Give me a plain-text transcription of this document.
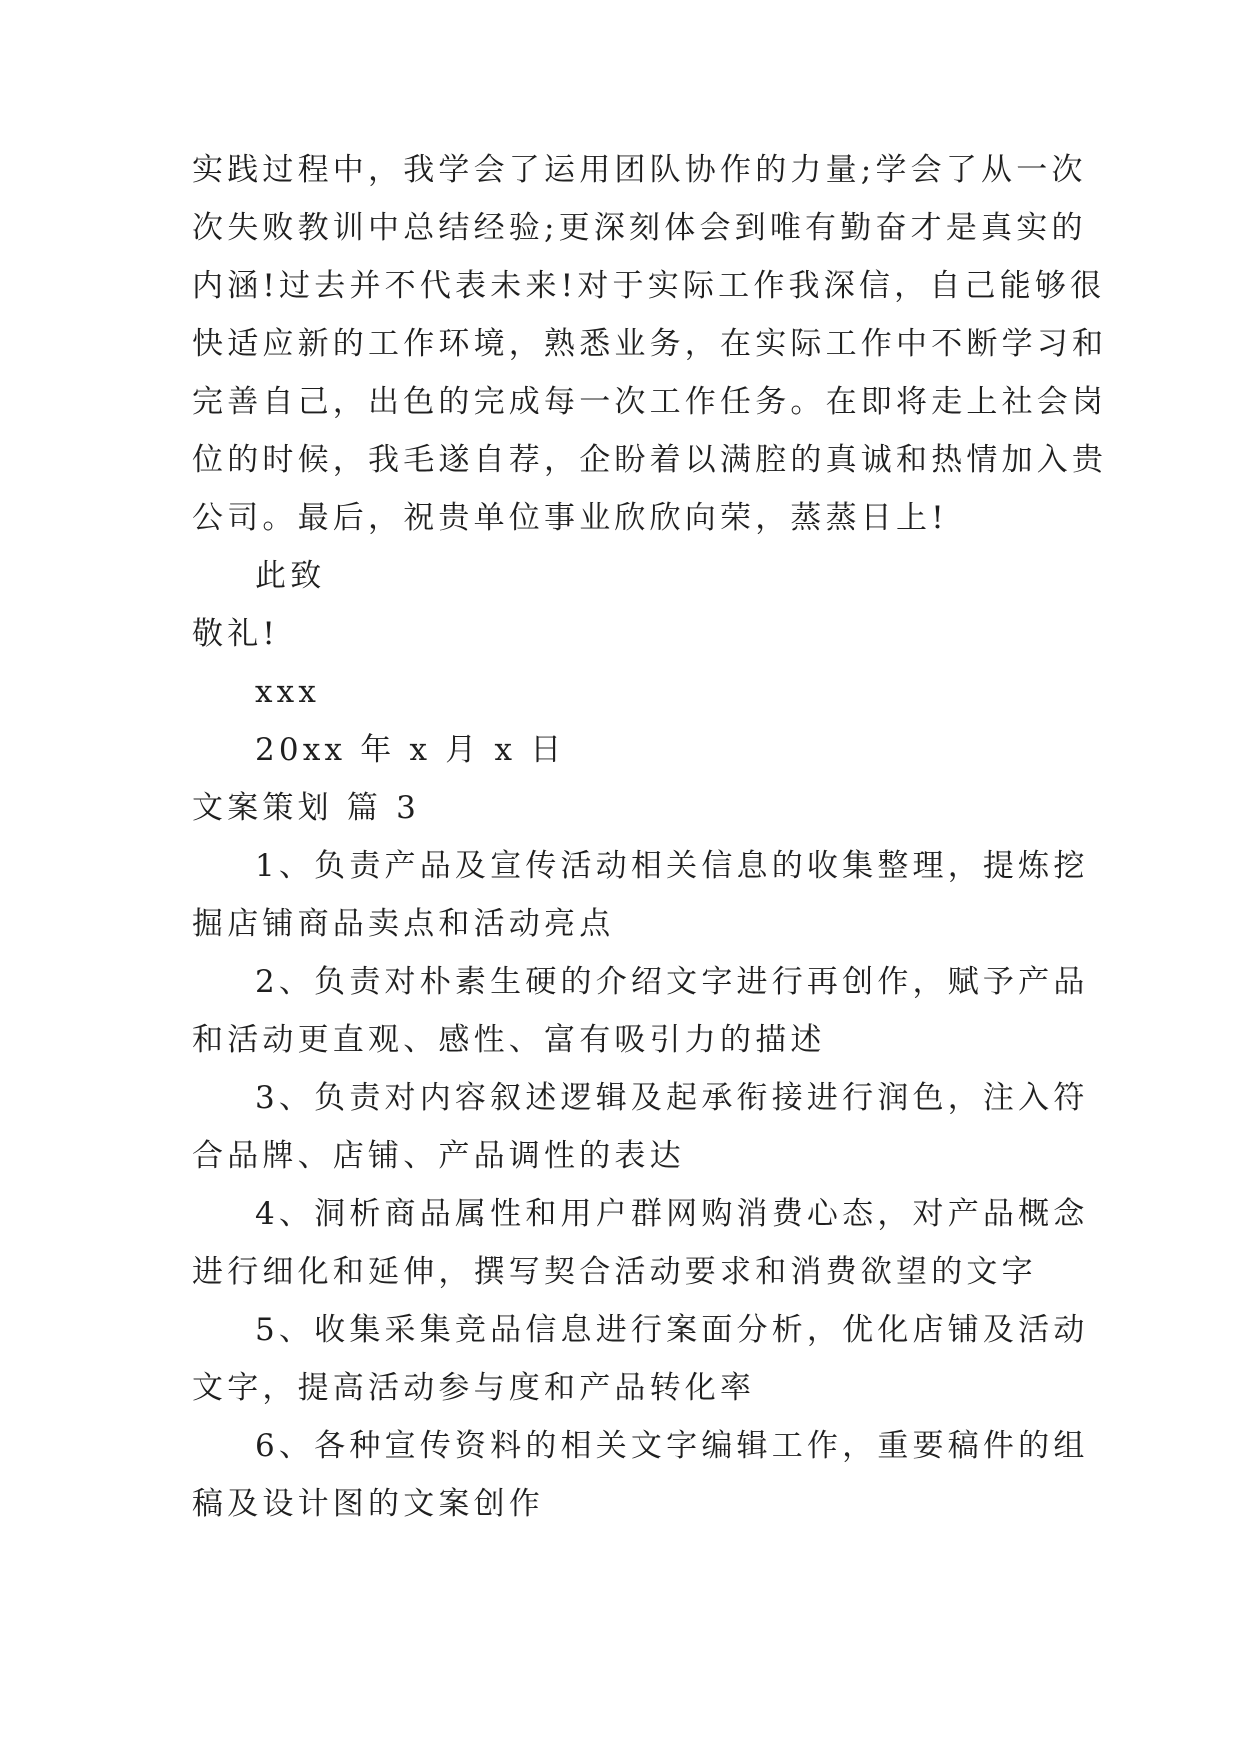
实践过程中，我学会了运用团队协作的力量;学会了从一次
次失败教训中总结经验;更深刻体会到唯有勤奋才是真实的
内涵!过去并不代表未来!对于实际工作我深信，自己能够很
快适应新的工作环境，熟悉业务，在实际工作中不断学习和
完善自己，出色的完成每一次工作任务。在即将走上社会岗
位的时候，我毛遂自荐，企盼着以满腔的真诚和热情加入贵
公司。最后，祝贵单位事业欣欣向荣，蒸蒸日上!
此致
敬礼!
xxx
20xx 年 x 月 x 日
文案策划 篇 3
1、负责产品及宣传活动相关信息的收集整理，提炼挖
掘店铺商品卖点和活动亮点
2、负责对朴素生硬的介绍文字进行再创作，赋予产品
和活动更直观、感性、富有吸引力的描述
3、负责对内容叙述逻辑及起承衔接进行润色，注入符
合品牌、店铺、产品调性的表达
4、洞析商品属性和用户群网购消费心态，对产品概念
进行细化和延伸，撰写契合活动要求和消费欲望的文字
5、收集采集竞品信息进行案面分析，优化店铺及活动
文字，提高活动参与度和产品转化率
6、各种宣传资料的相关文字编辑工作，重要稿件的组
稿及设计图的文案创作
